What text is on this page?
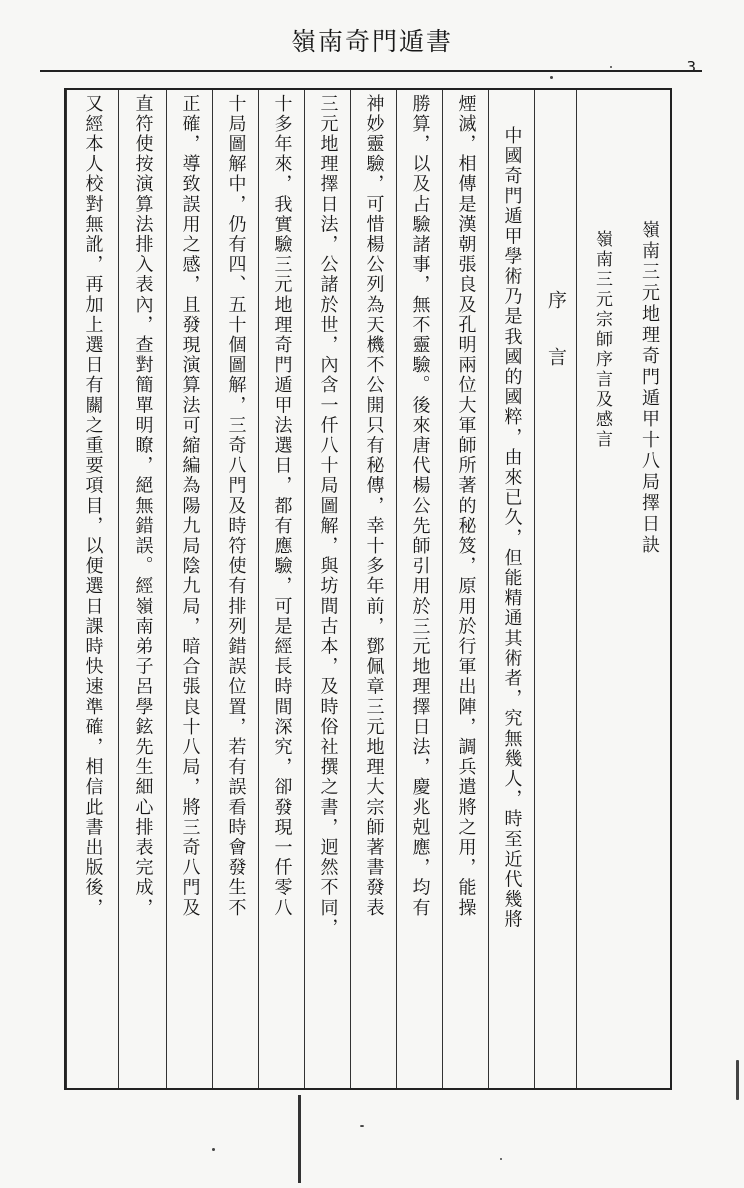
嶺南奇門遁書
3
嶺南三元地理奇門遁甲十八局擇日訣
嶺南三元宗師序言及感言
序言
中國奇門遁甲學術乃是我國的國粹，由來已久，但能精通其術者，究無幾人，時至近代幾將
煙滅，相傳是漢朝張良及孔明兩位大軍師所著的秘笈，原用於行軍出陣，調兵遣將之用，能操
勝算，以及占驗諸事，無不靈驗。後來唐代楊公先師引用於三元地理擇日法，慶兆剋應，均有
神妙靈驗，可惜楊公列為天機不公開只有秘傳，幸十多年前，鄧佩章三元地理大宗師著書發表
三元地理擇日法，公諸於世，內含一仟八十局圖解，與坊間古本，及時俗社撰之書，迥然不同，
十多年來，我實驗三元地理奇門遁甲法選日，都有應驗，可是經長時間深究，卻發現一仟零八
十局圖解中，仍有四、五十個圖解，三奇八門及時符使有排列錯誤位置，若有誤看時會發生不
正確，導致誤用之感，且發現演算法可縮編為陽九局陰九局，暗合張良十八局，將三奇八門及
直符使按演算法排入表內，查對簡單明瞭，絕無錯誤。經嶺南弟子呂學鉉先生細心排表完成，
又經本人校對無訛，再加上選日有關之重要項目，以便選日課時快速準確，相信此書出版後，
